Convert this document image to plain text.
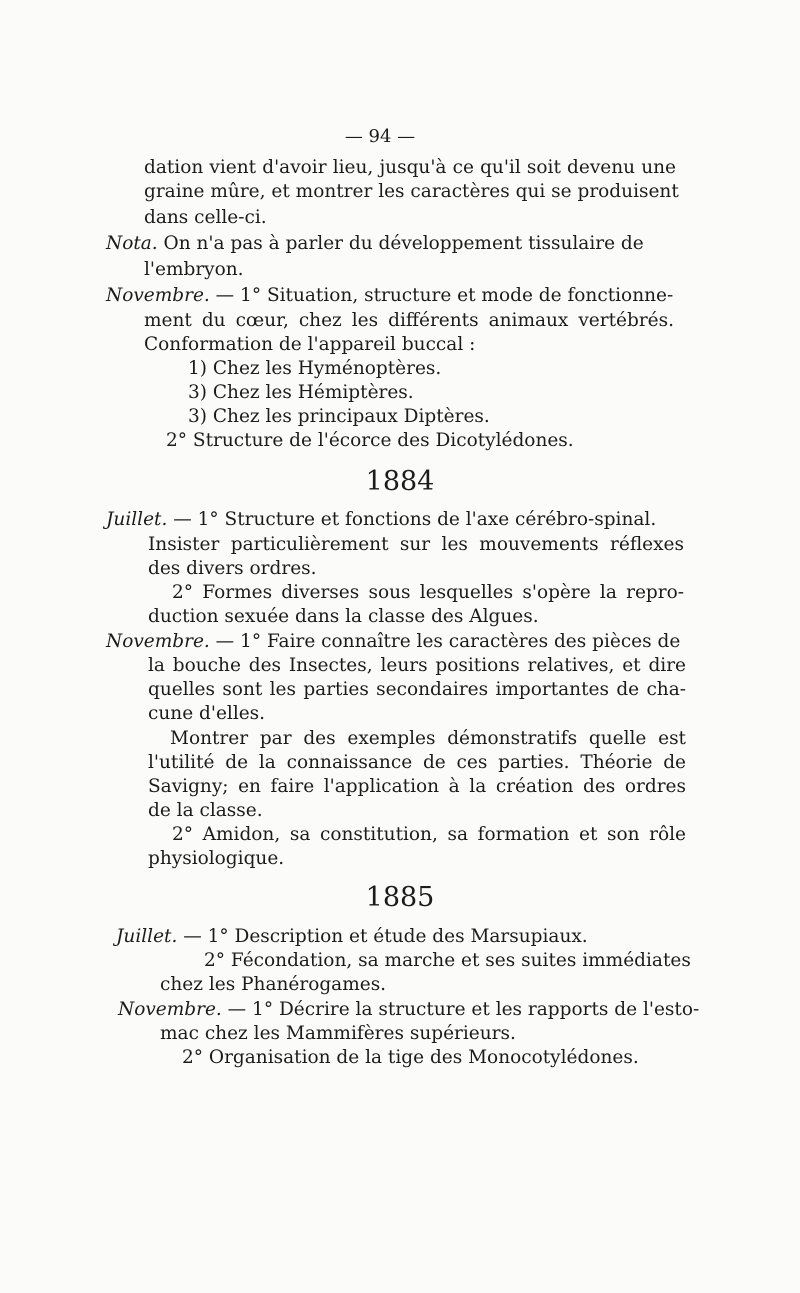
— 94 —
dation vient d'avoir lieu, jusqu'à ce qu'il soit devenu une
graine mûre, et montrer les caractères qui se produisent
dans celle-ci.
Nota. On n'a pas à parler du développement tissulaire de
l'embryon.
Novembre. — 1° Situation, structure et mode de fonctionne-
ment du cœur, chez les différents animaux vertébrés.
Conformation de l'appareil buccal :
1) Chez les Hyménoptères.
3) Chez les Hémiptères.
3) Chez les principaux Diptères.
2° Structure de l'écorce des Dicotylédones.
1884
Juillet. — 1° Structure et fonctions de l'axe cérébro-spinal.
Insister particulièrement sur les mouvements réflexes
des divers ordres.
2° Formes diverses sous lesquelles s'opère la repro-
duction sexuée dans la classe des Algues.
Novembre. — 1° Faire connaître les caractères des pièces de
la bouche des Insectes, leurs positions relatives, et dire
quelles sont les parties secondaires importantes de cha-
cune d'elles.
Montrer par des exemples démonstratifs quelle est
l'utilité de la connaissance de ces parties. Théorie de
Savigny; en faire l'application à la création des ordres
de la classe.
2° Amidon, sa constitution, sa formation et son rôle
physiologique.
1885
Juillet. — 1° Description et étude des Marsupiaux.
2° Fécondation, sa marche et ses suites immédiates
chez les Phanérogames.
Novembre. — 1° Décrire la structure et les rapports de l'esto-
mac chez les Mammifères supérieurs.
2° Organisation de la tige des Monocotylédones.
